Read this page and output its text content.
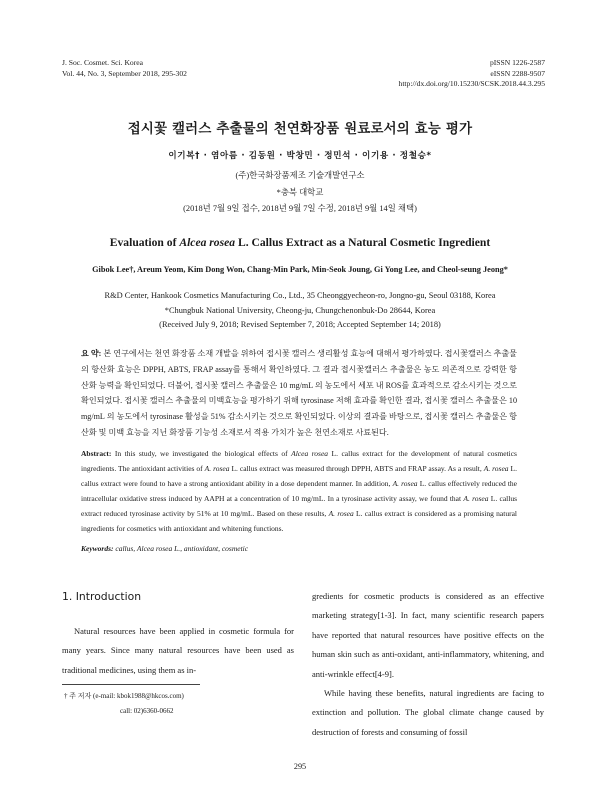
J. Soc. Cosmet. Sci. Korea
Vol. 44, No. 3, September 2018, 295-302
pISSN 1226-2587
eISSN 2288-9507
http://dx.doi.org/10.15230/SCSK.2018.44.3.295
접시꽃 캘러스 추출물의 천연화장품 원료로서의 효능 평가
이기복† · 염아름 · 김동원 · 박창민 · 정민석 · 이기용 · 정철승*
(주)한국화장품제조 기술개발연구소
*충북 대학교
(2018년 7월 9일 접수, 2018년 9월 7일 수정, 2018년 9월 14일 채택)
Evaluation of Alcea rosea L. Callus Extract as a Natural Cosmetic Ingredient
Gibok Lee†, Areum Yeom, Kim Dong Won, Chang-Min Park, Min-Seok Joung, Gi Yong Lee, and Cheol-seung Jeong*
R&D Center, Hankook Cosmetics Manufacturing Co., Ltd., 35 Cheonggyecheon-ro, Jongno-gu, Seoul 03188, Korea
*Chungbuk National University, Cheong-ju, Chungchenonbuk-Do 28644, Korea
(Received July 9, 2018; Revised September 7, 2018; Accepted September 14; 2018)
요 약: 본 연구에서는 천연 화장품 소재 개발을 위하여 접시꽃 캘러스 생리활성 효능에 대해서 평가하였다. 접시꽃캘러스 추출물의 항산화 효능은 DPPH, ABTS, FRAP assay를 통해서 확인하였다. 그 결과 접시꽃캘러스 추출물은 농도 의존적으로 강력한 항산화 능력을 확인되었다. 더불어, 접시꽃 캘러스 추출물은 10 mg/mL 의 농도에서 세포 내 ROS를 효과적으로 감소시키는 것으로 확인되었다. 접시꽃 캘러스 추출물의 미백효능을 평가하기 위해 tyrosinase 저해 효과를 확인한 결과, 접시꽃 캘러스 추출물은 10 mg/mL 의 농도에서 tyrosinase 활성을 51% 감소시키는 것으로 확인되었다. 이상의 결과를 바탕으로, 접시꽃 캘러스 추출물은 항산화 및 미백 효능을 지닌 화장품 기능성 소재로서 적용 가치가 높은 천연소재로 사료된다.
Abstract: In this study, we investigated the biological effects of Alcea rosea L. callus extract for the development of natural cosmetics ingredients. The antioxidant activities of A. rosea L. callus extract was measured through DPPH, ABTS and FRAP assay. As a result, A. rosea L. callus extract were found to have a strong antioxidant ability in a dose dependent manner. In addition, A. rosea L. callus effectively reduced the intracellular oxidative stress induced by AAPH at a concentration of 10 mg/mL. In a tyrosinase activity assay, we found that A. rosea L. callus extract reduced tyrosinase activity by 51% at 10 mg/mL. Based on these results, A. rosea L. callus extract is considered as a promising natural ingredients for cosmetics with antioxidant and whitening functions.
Keywords: callus, Alcea rosea L., antioxidant, cosmetic
1. Introduction
Natural resources have been applied in cosmetic formula for many years. Since many natural resources have been used as traditional medicines, using them as in-

gredients for cosmetic products is considered as an effective marketing strategy[1-3]. In fact, many scientific research papers have reported that natural resources have positive effects on the human skin such as anti-oxidant, anti-inflammatory, whitening, and anti-wrinkle effect[4-9].

While having these benefits, natural ingredients are facing to extinction and pollution. The global climate change caused by destruction of forests and consuming of fossil

† 주 저자 (e-mail: kbok1988@hkcos.com)
call: 02)6360-0662
295
